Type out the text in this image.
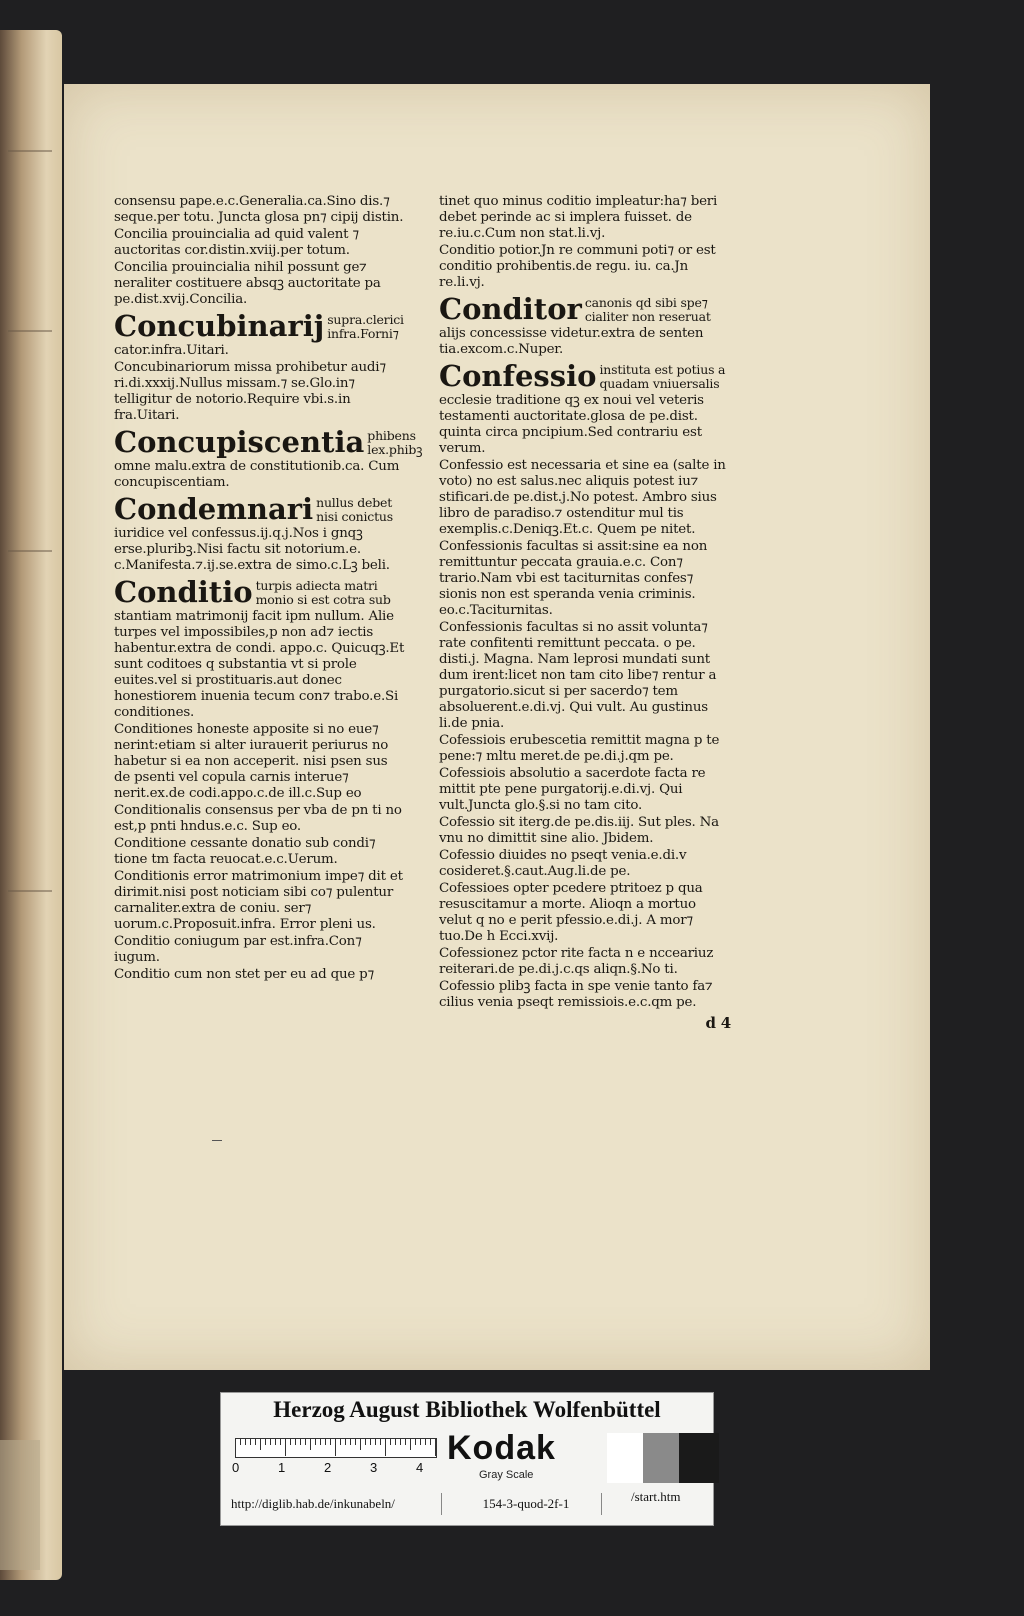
consensu pape.e.c.Generalia.ca.Sino dis.⁊ seque.per totu. Juncta glosa pn⁊ cipij distin.

Concilia prouincialia ad quid valent ⁊ auctoritas cor.distin.xviij.per totum.

Concilia prouincialia nihil possunt ge⁊ neraliter costituere absqꝫ auctoritate pa pe.dist.xvij.Concilia.

Concubinarij supra.clerici infra.Forni⁊

cator.infra.Uitari.

Concubinariorum missa prohibetur audi⁊ ri.di.xxxij.Nullus missam.⁊ se.Glo.in⁊ telligitur de notorio.Require vbi.s.in fra.Uitari.

Concupiscentia phibens lex.phibꝫ

omne malu.extra de constitutionib.ca. Cum concupiscentiam.

Condemnari nullus debet nisi conictus

iuridice vel confessus.ij.q.j.Nos i gnqꝫ erse.pluribꝫ.Nisi factu sit notorium.e. c.Manifesta.⁊.ij.se.extra de simo.c.Lꝫ beli.

Conditio turpis adiecta matri monio si est cotra sub

stantiam matrimonij facit ipm nullum. Alie turpes vel impossibiles,p non ad⁊ iectis habentur.extra de condi. appo.c. Quicuqꝫ.Et sunt coditoes q substantia vt si prole euites.vel si prostituaris.aut donec honestiorem inuenia tecum con⁊ trabo.e.Si conditiones.

Conditiones honeste apposite si no eue⁊ nerint:etiam si alter iurauerit periurus no habetur si ea non acceperit. nisi psen sus de psenti vel copula carnis interue⁊ nerit.ex.de codi.appo.c.de ill.c.Sup eo

Conditionalis consensus per vba de pn ti no est,p pnti hndus.e.c. Sup eo.

Conditione cessante donatio sub condi⁊ tione tm facta reuocat.e.c.Uerum.

Conditionis error matrimonium impe⁊ dit et dirimit.nisi post noticiam sibi co⁊ pulentur carnaliter.extra de coniu. ser⁊ uorum.c.Proposuit.infra. Error pleni us.

Conditio coniugum par est.infra.Con⁊ iugum.

Conditio cum non stet per eu ad que p⁊

tinet quo minus coditio impleatur:ha⁊ beri debet perinde ac si implera fuisset. de re.iu.c.Cum non stat.li.vj.

Conditio potior.Jn re communi poti⁊ or est conditio prohibentis.de regu. iu. ca.Jn re.li.vj.

Conditor canonis qd sibi spe⁊ cialiter non reseruat

alijs concessisse videtur.extra de senten tia.excom.c.Nuper.

Confessio instituta est potius a quadam vniuersalis

ecclesie traditione qꝫ ex noui vel veteris testamenti auctoritate.glosa de pe.dist. quinta circa pncipium.Sed contrariu est verum.

Confessio est necessaria et sine ea (salte in voto) no est salus.nec aliquis potest iu⁊ stificari.de pe.dist.j.No potest. Ambro sius libro de paradiso.⁊ ostenditur mul tis exemplis.c.Deniqꝫ.Et.c. Quem pe nitet.

Confessionis facultas si assit:sine ea non remittuntur peccata grauia.e.c. Con⁊ trario.Nam vbi est taciturnitas confes⁊ sionis non est speranda venia criminis. eo.c.Taciturnitas.

Confessionis facultas si no assit volunta⁊ rate confitenti remittunt peccata. o pe. disti.j. Magna. Nam leprosi mundati sunt dum irent:licet non tam cito libe⁊ rentur a purgatorio.sicut si per sacerdo⁊ tem absoluerent.e.di.vj. Qui vult. Au gustinus li.de pnia.

Cofessiois erubescetia remittit magna p te pene:⁊ mltu meret.de pe.di.j.qm pe.

Cofessiois absolutio a sacerdote facta re mittit pte pene purgatorij.e.di.vj. Qui vult.Juncta glo.§.si no tam cito.

Cofessio sit iterg.de pe.dis.iij. Sut ples. Na vnu no dimittit sine alio. Jbidem.

Cofessio diuides no pseqt venia.e.di.v cosideret.§.caut.Aug.li.de pe.

Cofessioes opter pcedere ptritoez p qua resuscitamur a morte. Alioqn a mortuo velut q no e perit pfessio.e.di.j. A mor⁊ tuo.De h Ecci.xvij.

Cofessionez pctor rite facta n e ncceariuz reiterari.de pe.di.j.c.qs aliqn.§.No ti.

Cofessio plibꝫ facta in spe venie tanto fa⁊ cilius venia pseqt remissiois.e.c.qm pe.

d 4
Herzog August Bibliothek Wolfenbüttel
0	1	2	3	4
Kodak
Gray Scale
http://diglib.hab.de/inkunabeln/	154-3-quod-2f-1	/start.htm
